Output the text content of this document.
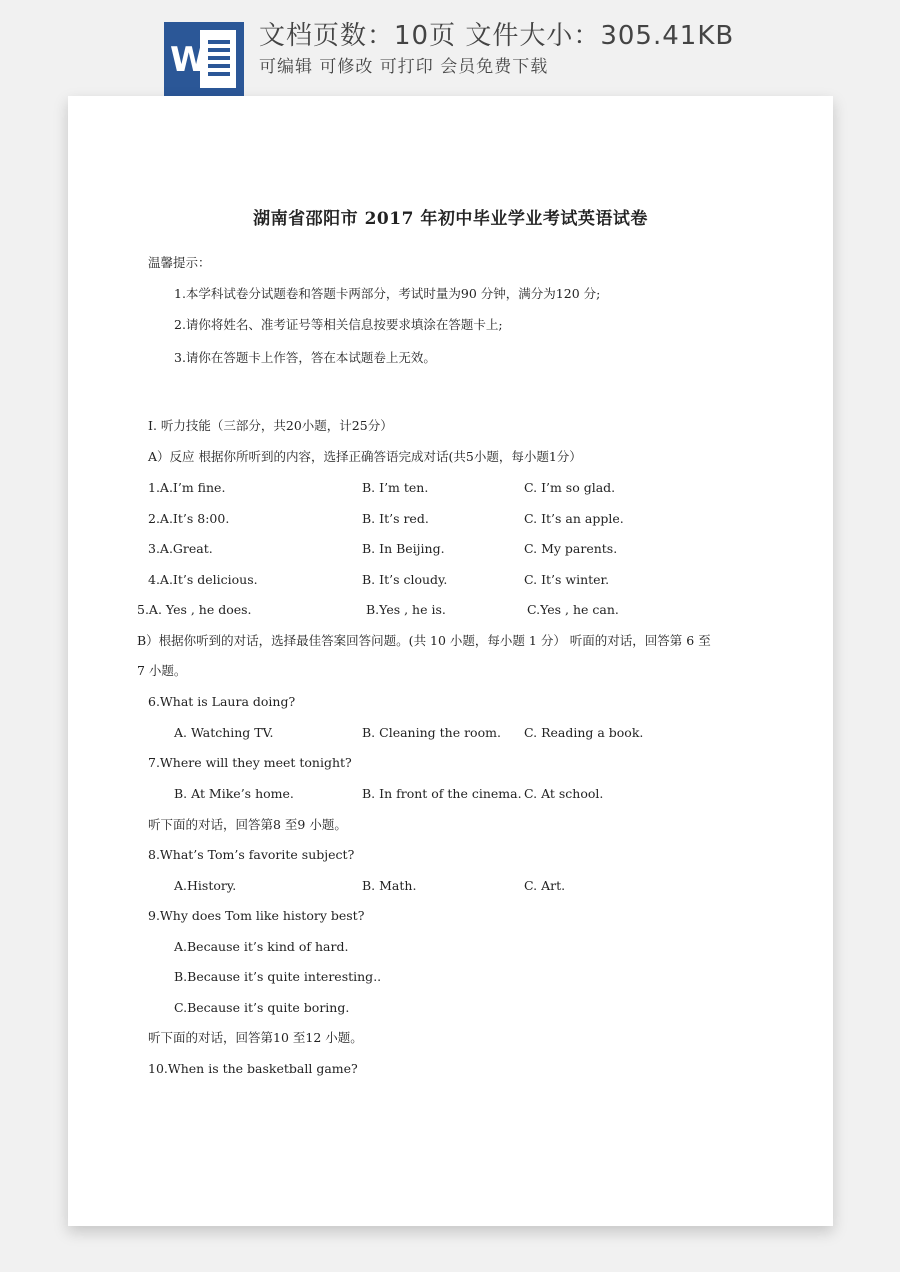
W
文档页数：10页 文件大小：305.41KB
可编辑 可修改 可打印 会员免费下载
湖南省邵阳市 2017 年初中毕业学业考试英语试卷
温馨提示：
1.本学科试卷分试题卷和答题卡两部分，考试时量为90 分钟，满分为120 分;
2.请你将姓名、准考证号等相关信息按要求填涂在答题卡上;
3.请你在答题卡上作答，答在本试题卷上无效。
I. 听力技能（三部分，共20小题，计25分）
A）反应 根据你所听到的内容，选择正确答语完成对话(共5小题，每小题1分）
1.A.I’m fine.	B. I’m ten.	C. I’m so glad.
2.A.It’s 8:00.	B. It’s red.	C. It’s an apple.
3.A.Great.	B. In Beijing.	C. My parents.
4.A.It’s delicious.	B. It’s cloudy.	C. It’s winter.
5.A. Yes , he does.	B.Yes , he is.	C.Yes , he can.
B）根据你听到的对话，选择最佳答案回答问题。(共 10 小题，每小题 1 分） 听面的对话，回答第 6 至
7 小题。
6.What is Laura doing?
A. Watching TV.	B. Cleaning the room. C. Reading a book.
7.Where will they meet tonight?
B. At Mike’s home.	B. In front of the cinema. C. At school.
听下面的对话，回答第8 至9 小题。
8.What’s Tom’s favorite subject?
A.History.	B. Math.	C. Art.
9.Why does Tom like history best?
A.Because it’s kind of hard.
B.Because it’s quite interesting..
C.Because it’s quite boring.
听下面的对话，回答第10 至12 小题。
10.When is the basketball game?
